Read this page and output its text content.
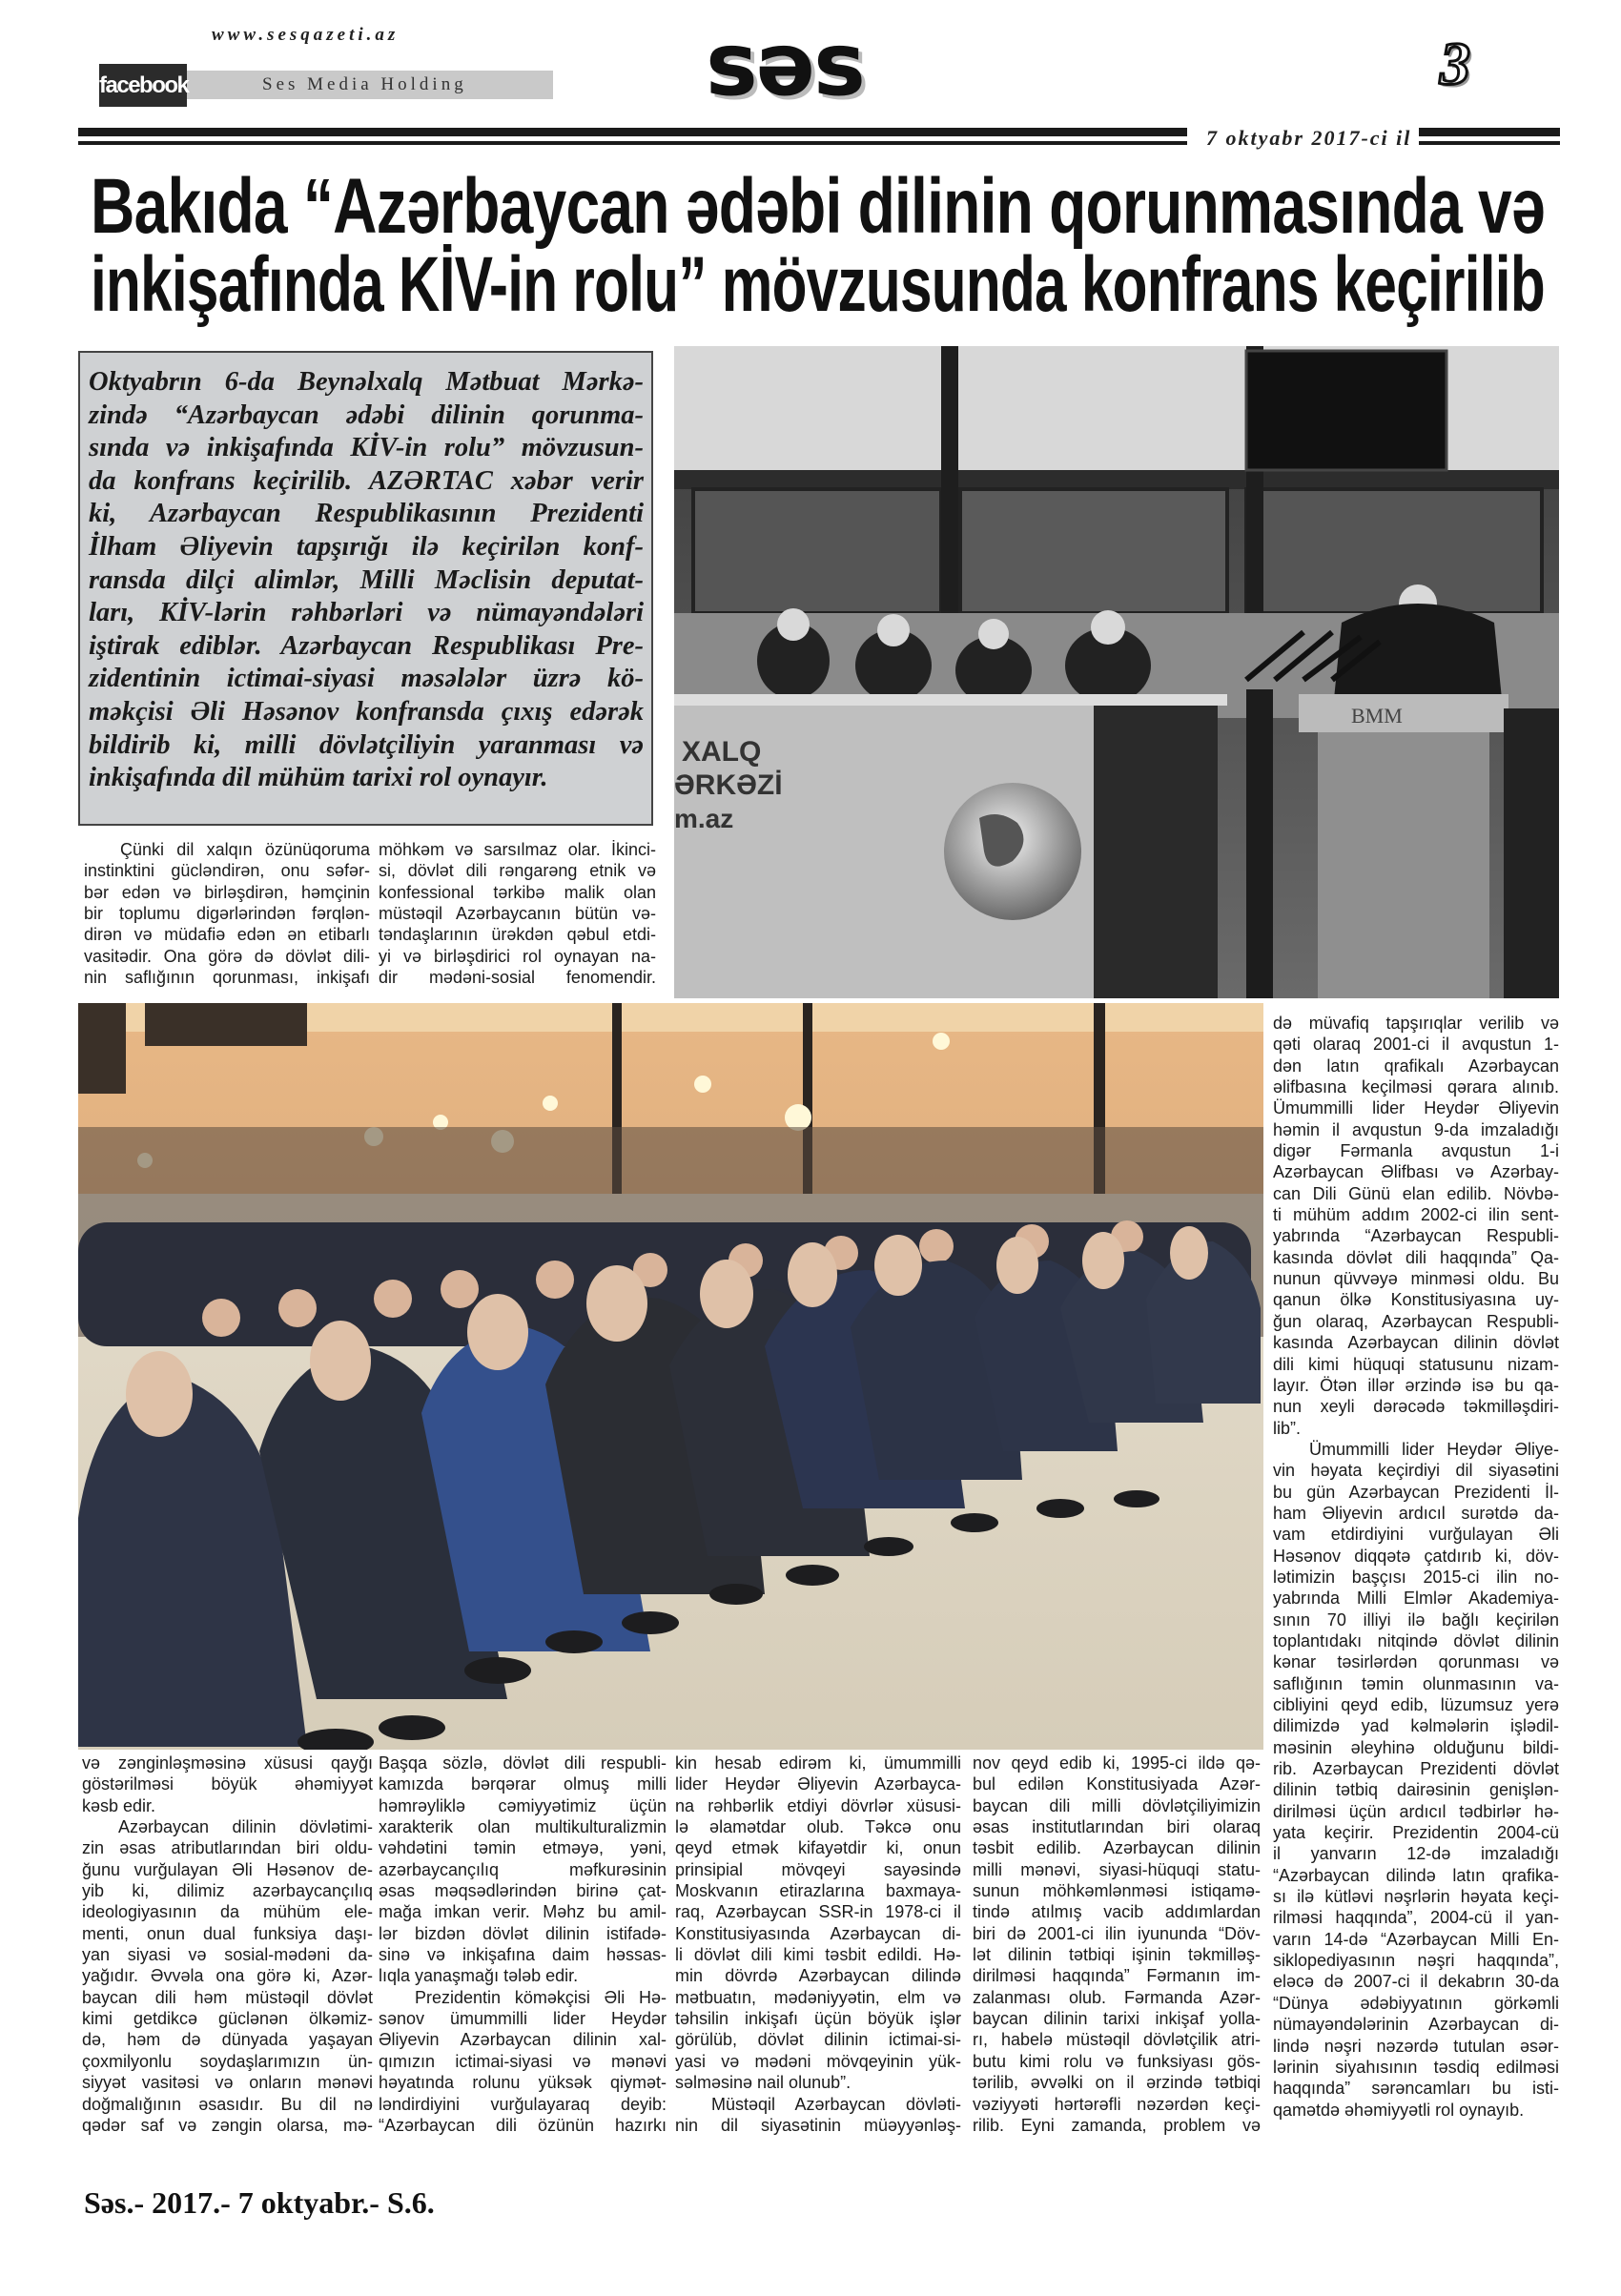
www.sesqazeti.az
facebook	Ses Media Holding	səs	3
7 oktyabr 2017-ci il
Bakıda “Azərbaycan ədəbi dilinin qorunmasında və
inkişafında KİV-in rolu” mövzusunda konfrans keçirilib
Oktyabrın 6-da Beynəlxalq Mətbuat Mərkə-
zində “Azərbaycan ədəbi dilinin qorunma-
sında və inkişafında KİV-in rolu” mövzusun-
da konfrans keçirilib. AZƏRTAC xəbər verir
ki, Azərbaycan Respublikasının Prezidenti
İlham Əliyevin tapşırığı ilə keçirilən konf-
ransda dilçi alimlər, Milli Məclisin deputat-
ları, KİV-lərin rəhbərləri və nümayəndələri
iştirak ediblər. Azərbaycan Respublikası Pre-
zidentinin ictimai-siyasi məsələlər üzrə kö-
məkçisi Əli Həsənov konfransda çıxış edərək
bildirib ki, milli dövlətçiliyin yaranması və
inkişafında dil mühüm tarixi rol oynayır.
XALQ
ƏRKƏZİ
m.az
BMM
Çünki dil xalqın özünüqoruma
instinktini gücləndirən, onu səfər-
bər edən və birləşdirən, həmçinin
bir toplumu digərlərindən fərqlən-
dirən və müdafiə edən ən etibarlı
vasitədir. Ona görə də dövlət dili-
nin saflığının qorunması, inkişafı
möhkəm və sarsılmaz olar. İkinci-
si, dövlət dili rəngarəng etnik və
konfessional tərkibə malik olan
müstəqil Azərbaycanın bütün və-
təndaşlarının ürəkdən qəbul etdi-
yi və birləşdirici rol oynayan na-
dir mədəni-sosial fenomendir.
də müvafiq tapşırıqlar verilib və
qəti olaraq 2001-ci il avqustun 1-
dən latın qrafikalı Azərbaycan
əlifbasına keçilməsi qərara alınıb.
Ümummilli lider Heydər Əliyevin
həmin il avqustun 9-da imzaladığı
digər Fərmanla avqustun 1-i
Azərbaycan Əlifbası və Azərbay-
can Dili Günü elan edilib. Növbə-
ti mühüm addım 2002-ci ilin sent-
yabrında “Azərbaycan Respubli-
kasında dövlət dili haqqında” Qa-
nunun qüvvəyə minməsi oldu. Bu
qanun ölkə Konstitusiyasına uy-
ğun olaraq, Azərbaycan Respubli-
kasında Azərbaycan dilinin dövlət
dili kimi hüquqi statusunu nizam-
layır. Ötən illər ərzində isə bu qa-
nun xeyli dərəcədə təkmilləşdiri-
lib”.
Ümummilli lider Heydər Əliye-
vin həyata keçirdiyi dil siyasətini
bu gün Azərbaycan Prezidenti İl-
ham Əliyevin ardıcıl surətdə da-
vam etdirdiyini vurğulayan Əli
Həsənov diqqətə çatdırıb ki, döv-
lətimizin başçısı 2015-ci ilin no-
yabrında Milli Elmlər Akademiya-
sının 70 illiyi ilə bağlı keçirilən
toplantıdakı nitqində dövlət dilinin
kənar təsirlərdən qorunması və
saflığının təmin olunmasının va-
cibliyini qeyd edib, lüzumsuz yerə
dilimizdə yad kəlmələrin işlədil-
məsinin əleyhinə olduğunu bildi-
rib. Azərbaycan Prezidenti dövlət
dilinin tətbiq dairəsinin genişlən-
dirilməsi üçün ardıcıl tədbirlər hə-
yata keçirir. Prezidentin 2004-cü
il yanvarın 12-də imzaladığı
“Azərbaycan dilində latın qrafika-
sı ilə kütləvi nəşrlərin həyata keçi-
rilməsi haqqında”, 2004-cü il yan-
varın 14-də “Azərbaycan Milli En-
siklopediyasının nəşri haqqında”,
eləcə də 2007-ci il dekabrın 30-da
“Dünya ədəbiyyatının görkəmli
nümayəndələrinin Azərbaycan di-
lində nəşri nəzərdə tutulan əsər-
lərinin siyahısının təsdiq edilməsi
haqqında” sərəncamları bu isti-
qamətdə əhəmiyyətli rol oynayıb.
və zənginləşməsinə xüsusi qayğı
göstərilməsi böyük əhəmiyyət
kəsb edir.
Azərbaycan dilinin dövlətimi-
zin əsas atributlarından biri oldu-
ğunu vurğulayan Əli Həsənov de-
yib ki, dilimiz azərbaycançılıq
ideologiyasının da mühüm ele-
menti, onun dual funksiya daşı-
yan siyasi və sosial-mədəni da-
yağıdır. Əvvəla ona görə ki, Azər-
baycan dili həm müstəqil dövlət
kimi getdikcə güclənən ölkəmiz-
də, həm də dünyada yaşayan
çoxmilyonlu soydaşlarımızın ün-
siyyət vasitəsi və onların mənəvi
doğmalığının əsasıdır. Bu dil nə
qədər saf və zəngin olarsa, mə-
Başqa sözlə, dövlət dili respubli-
kamızda bərqərar olmuş milli
həmrəyliklə cəmiyyətimiz üçün
xarakterik olan multikulturalizmin
vəhdətini təmin etməyə, yəni,
azərbaycançılıq məfkurəsinin
əsas məqsədlərindən birinə çat-
mağa imkan verir. Məhz bu amil-
lər bizdən dövlət dilinin istifadə-
sinə və inkişafına daim həssas-
lıqla yanaşmağı tələb edir.
Prezidentin köməkçisi Əli Hə-
sənov ümummilli lider Heydər
Əliyevin Azərbaycan dilinin xal-
qımızın ictimai-siyasi və mənəvi
həyatında rolunu yüksək qiymət-
ləndirdiyini vurğulayaraq deyib:
“Azərbaycan dili özünün hazırkı
kin hesab edirəm ki, ümummilli
lider Heydər Əliyevin Azərbayca-
na rəhbərlik etdiyi dövrlər xüsusi-
lə əlamətdar olub. Təkcə onu
qeyd etmək kifayətdir ki, onun
prinsipial mövqeyi sayəsində
Moskvanın etirazlarına baxmaya-
raq, Azərbaycan SSR-in 1978-ci il
Konstitusiyasında Azərbaycan di-
li dövlət dili kimi təsbit edildi. Hə-
min dövrdə Azərbaycan dilində
mətbuatın, mədəniyyətin, elm və
təhsilin inkişafı üçün böyük işlər
görülüb, dövlət dilinin ictimai-si-
yasi və mədəni mövqeyinin yük-
səlməsinə nail olunub”.
Müstəqil Azərbaycan dövləti-
nin dil siyasətinin müəyyənləş-
nov qeyd edib ki, 1995-ci ildə qə-
bul edilən Konstitusiyada Azər-
baycan dili milli dövlətçiliyimizin
əsas institutlarından biri olaraq
təsbit edilib. Azərbaycan dilinin
milli mənəvi, siyasi-hüquqi statu-
sunun möhkəmlənməsi istiqamə-
tində atılmış vacib addımlardan
biri də 2001-ci ilin iyununda “Döv-
lət dilinin tətbiqi işinin təkmilləş-
dirilməsi haqqında” Fərmanın im-
zalanması olub. Fərmanda Azər-
baycan dilinin tarixi inkişaf yolla-
rı, habelə müstəqil dövlətçilik atri-
butu kimi rolu və funksiyası gös-
tərilib, əvvəlki on il ərzində tətbiqi
vəziyyəti hərtərəfli nəzərdən keçi-
rilib. Eyni zamanda, problem və
Səs.- 2017.- 7 oktyabr.- S.6.
